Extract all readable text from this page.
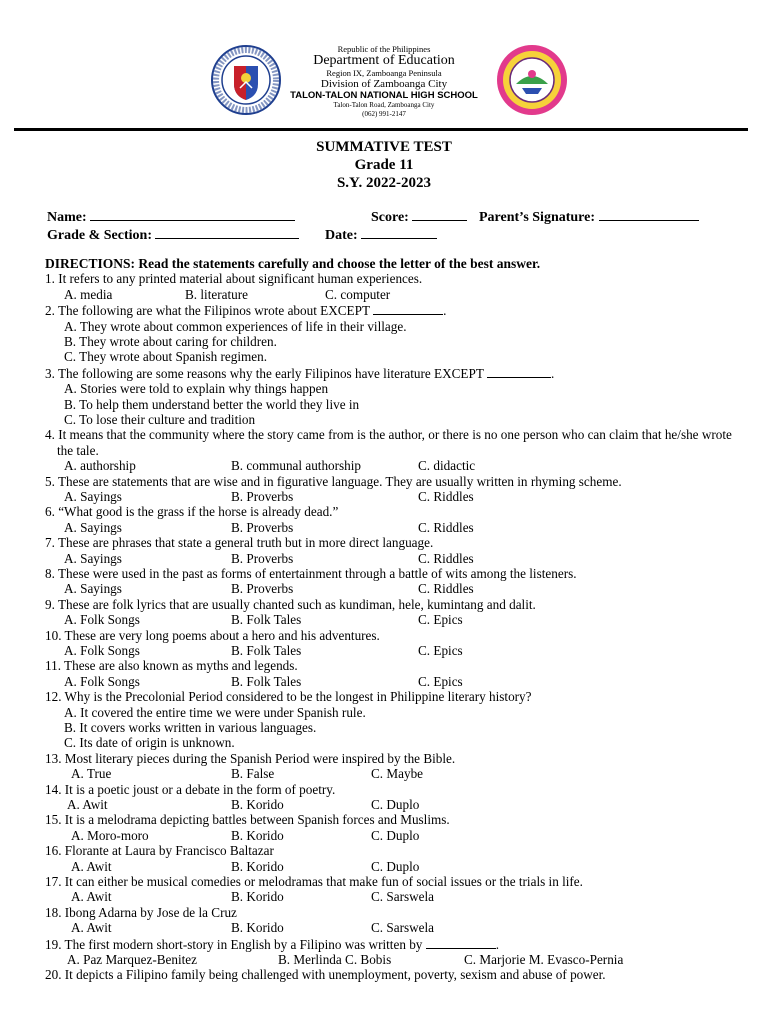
Republic of the Philippines
Department of Education
Region IX, Zamboanga Peninsula
Division of Zamboanga City
TALON-TALON NATIONAL HIGH SCHOOL
Talon-Talon Road, Zamboanga City
(062) 991-2147
SUMMATIVE TEST
Grade 11
S.Y. 2022-2023
Name:	Score:	Parent’s Signature:
Grade & Section:	Date:
DIRECTIONS: Read the statements carefully and choose the letter of the best answer.
1. It refers to any printed material about significant human experiences.
A. media	B. literature	C. computer
2. The following are what the Filipinos wrote about EXCEPT	.
A. They wrote about common experiences of life in their village.
B. They wrote about caring for children.
C. They wrote about Spanish regimen.
3. The following are some reasons why the early Filipinos have literature EXCEPT	.
A. Stories were told to explain why things happen
B. To help them understand better the world they live in
C. To lose their culture and tradition
4. It means that the community where the story came from is the author, or there is no one person who can claim that he/she wrote the tale.
A. authorship	B. communal authorship	C. didactic
5. These are statements that are wise and in figurative language. They are usually written in rhyming scheme.
A. Sayings	B. Proverbs	C. Riddles
6. “What good is the grass if the horse is already dead.”
A. Sayings	B. Proverbs	C. Riddles
7. These are phrases that state a general truth but in more direct language.
A. Sayings	B. Proverbs	C. Riddles
8. These were used in the past as forms of entertainment through a battle of wits among the listeners.
A. Sayings	B. Proverbs	C. Riddles
9. These are folk lyrics that are usually chanted such as kundiman, hele, kumintang and dalit.
A. Folk Songs	B. Folk Tales	C. Epics
10. These are very long poems about a hero and his adventures.
A. Folk Songs	B. Folk Tales	C. Epics
11. These are also known as myths and legends.
A. Folk Songs	B. Folk Tales	C. Epics
12. Why is the Precolonial Period considered to be the longest in Philippine literary history?
A. It covered the entire time we were under Spanish rule.
B. It covers works written in various languages.
C. Its date of origin is unknown.
13. Most literary pieces during the Spanish Period were inspired by the Bible.
A. True	B. False	C. Maybe
14. It is a poetic joust or a debate in the form of poetry.
A. Awit	B. Korido	C. Duplo
15. It is a melodrama depicting battles between Spanish forces and Muslims.
A. Moro-moro	B. Korido	C. Duplo
16. Florante at Laura by Francisco Baltazar
A. Awit	B. Korido	C. Duplo
17. It can either be musical comedies or melodramas that make fun of social issues or the trials in life.
A. Awit	B. Korido	C. Sarswela
18. Ibong Adarna by Jose de la Cruz
A. Awit	B. Korido	C. Sarswela
19. The first modern short-story in English by a Filipino was written by	.
A. Paz Marquez-Benitez	B. Merlinda C. Bobis	C. Marjorie M. Evasco-Pernia
20. It depicts a Filipino family being challenged with unemployment, poverty, sexism and abuse of power.
